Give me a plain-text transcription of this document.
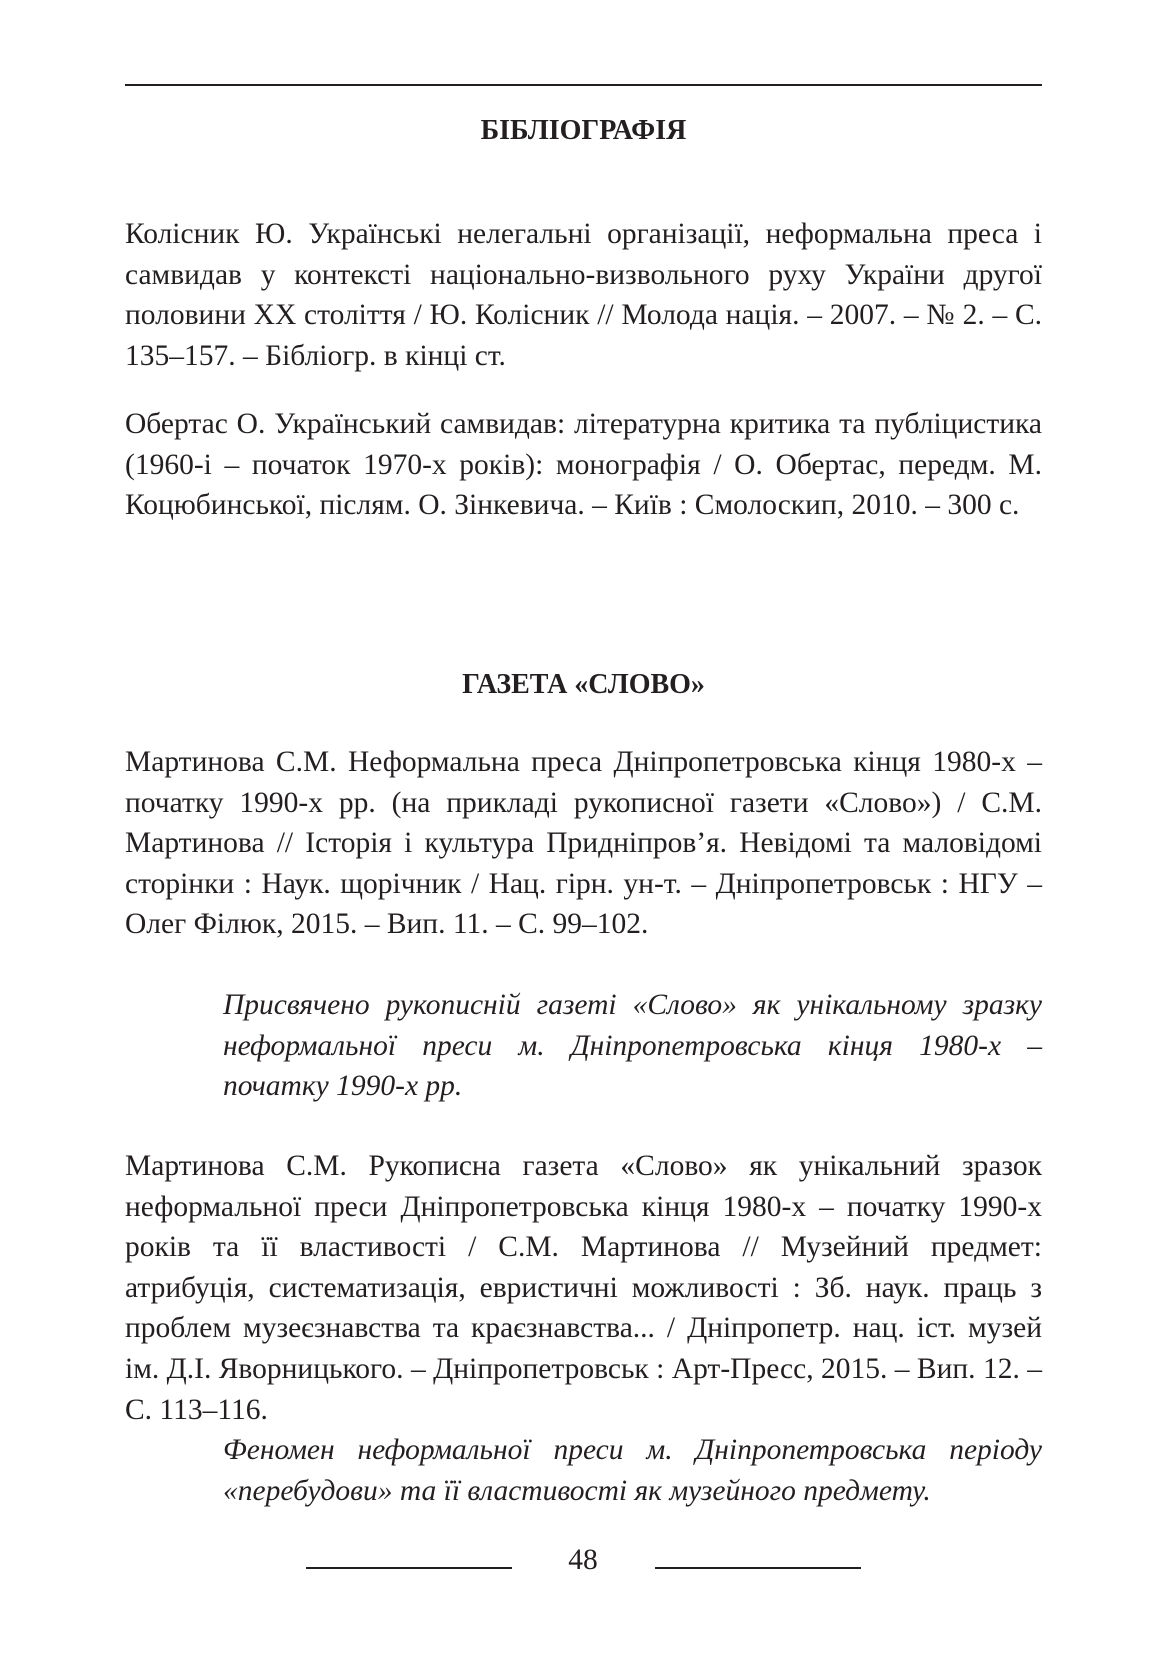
БІБЛІОГРАФІЯ

Колісник Ю. Українські нелегальні організації, неформальна преса і самвидав у контексті національно-визвольного руху України другої половини XX століття / Ю. Колісник // Молода нація. – 2007. – № 2. – С. 135–157. – Бібліогр. в кінці ст.

Обертас О. Український самвидав: літературна критика та публіцистика (1960-і – початок 1970-х років): монографія / О. Обертас, передм. М. Коцюбинської, післям. О. Зінкевича. – Київ : Смолоскип, 2010. – 300 с.

ГАЗЕТА «СЛОВО»

Мартинова С.М. Неформальна преса Дніпропетровська кінця 1980-х – початку 1990-х рр. (на прикладі рукописної газети «Слово») / С.М. Мартинова // Історія і культура Придніпров’я. Невідомі та маловідомі сторінки : Наук. щорічник / Нац. гірн. ун-т. – Дніпропетровськ : НГУ – Олег Філюк, 2015. – Вип. 11. – С. 99–102.

Присвячено рукописній газеті «Слово» як унікальному зразку неформальної преси м. Дніпропетровська кінця 1980-х – початку 1990-х рр.

Мартинова С.М. Рукописна газета «Слово» як унікальний зразок неформальної преси Дніпропетровська кінця 1980-х – початку 1990-х років та її властивості / С.М. Мартинова // Музейний предмет: атрибуція, систематизація, евристичні можливості : Зб. наук. праць з проблем музеєзнавства та краєзнавства... / Дніпропетр. нац. іст. музей ім. Д.І. Яворницького. – Дніпропетровськ : Арт-Пресс, 2015. – Вип. 12. – С. 113–116.

Феномен неформальної преси м. Дніпропетровська періоду «перебудови» та її властивості як музейного предмету.

48
